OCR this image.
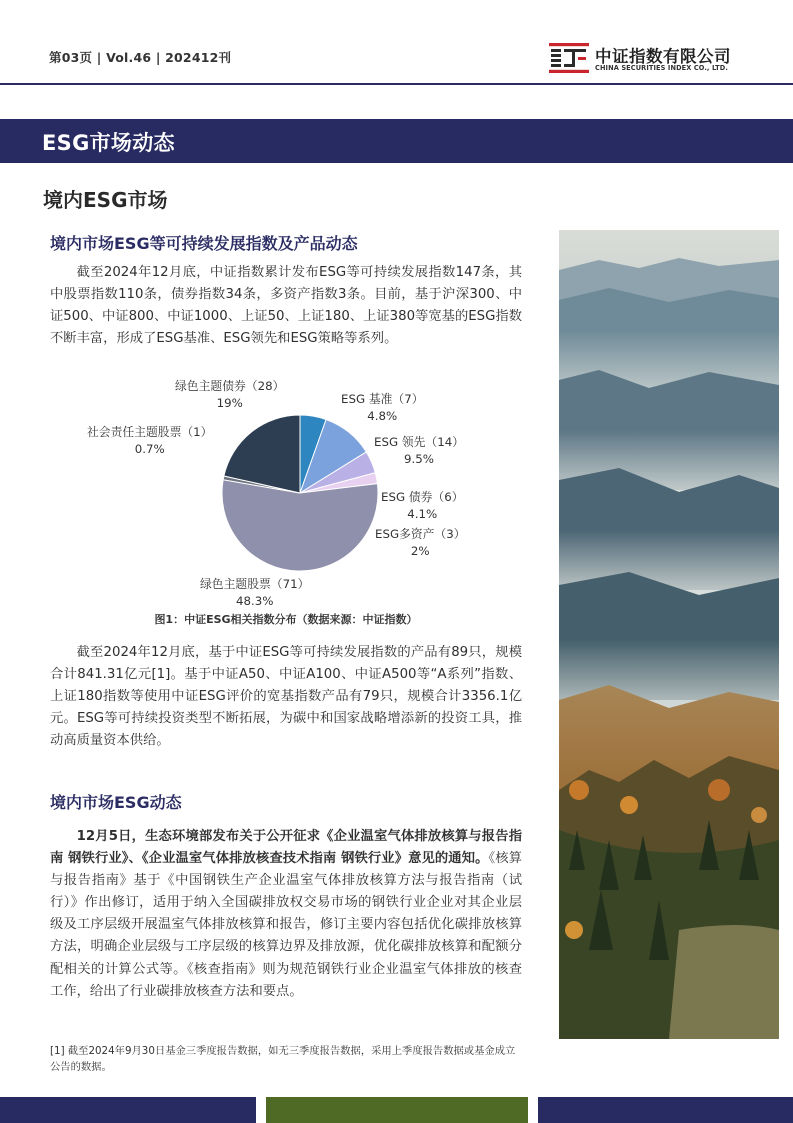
第03页 | Vol.46 | 202412刊	中证指数有限公司
CHINA SECURITIES INDEX CO., LTD.
ESG市场动态
境内ESG市场
境内市场ESG等可持续发展指数及产品动态

截至2024年12月底，中证指数累计发布ESG等可持续发展指数147条，其中股票指数110条，债券指数34条，多资产指数3条。目前，基于沪深300、中证500、中证800、中证1000、上证50、上证180、上证380等宽基的ESG指数不断丰富，形成了ESG基准、ESG领先和ESG策略等系列。

绿色主题债券（28）
19%	ESG 基准（7）
4.8%
ESG 领先（14）
9.5%
社会责任主题股票（1）
0.7%
ESG 债券（6）
4.1%
ESG多资产（3）
2%
绿色主题股票（71）
48.3%
图1：中证ESG相关指数分布（数据来源：中证指数）

截至2024年12月底，基于中证ESG等可持续发展指数的产品有89只，规模合计841.31亿元[1]。基于中证A50、中证A100、中证A500等“A系列”指数、上证180指数等使用中证ESG评价的宽基指数产品有79只，规模合计3356.1亿元。ESG等可持续投资类型不断拓展，为碳中和国家战略增添新的投资工具，推动高质量资本供给。

境内市场ESG动态

12月5日，生态环境部发布关于公开征求《企业温室气体排放核算与报告指南 钢铁行业》、《企业温室气体排放核查技术指南 钢铁行业》意见的通知。《核算与报告指南》基于《中国钢铁生产企业温室气体排放核算方法与报告指南（试行）》作出修订，适用于纳入全国碳排放权交易市场的钢铁行业企业对其企业层级及工序层级开展温室气体排放核算和报告，修订主要内容包括优化碳排放核算方法，明确企业层级与工序层级的核算边界及排放源，优化碳排放核算和配额分配相关的计算公式等。《核查指南》则为规范钢铁行业企业温室气体排放的核查工作，给出了行业碳排放核查方法和要点。

[1] 截至2024年9月30日基金三季度报告数据，如无三季度报告数据，采用上季度报告数据或基金成立公告的数据。
